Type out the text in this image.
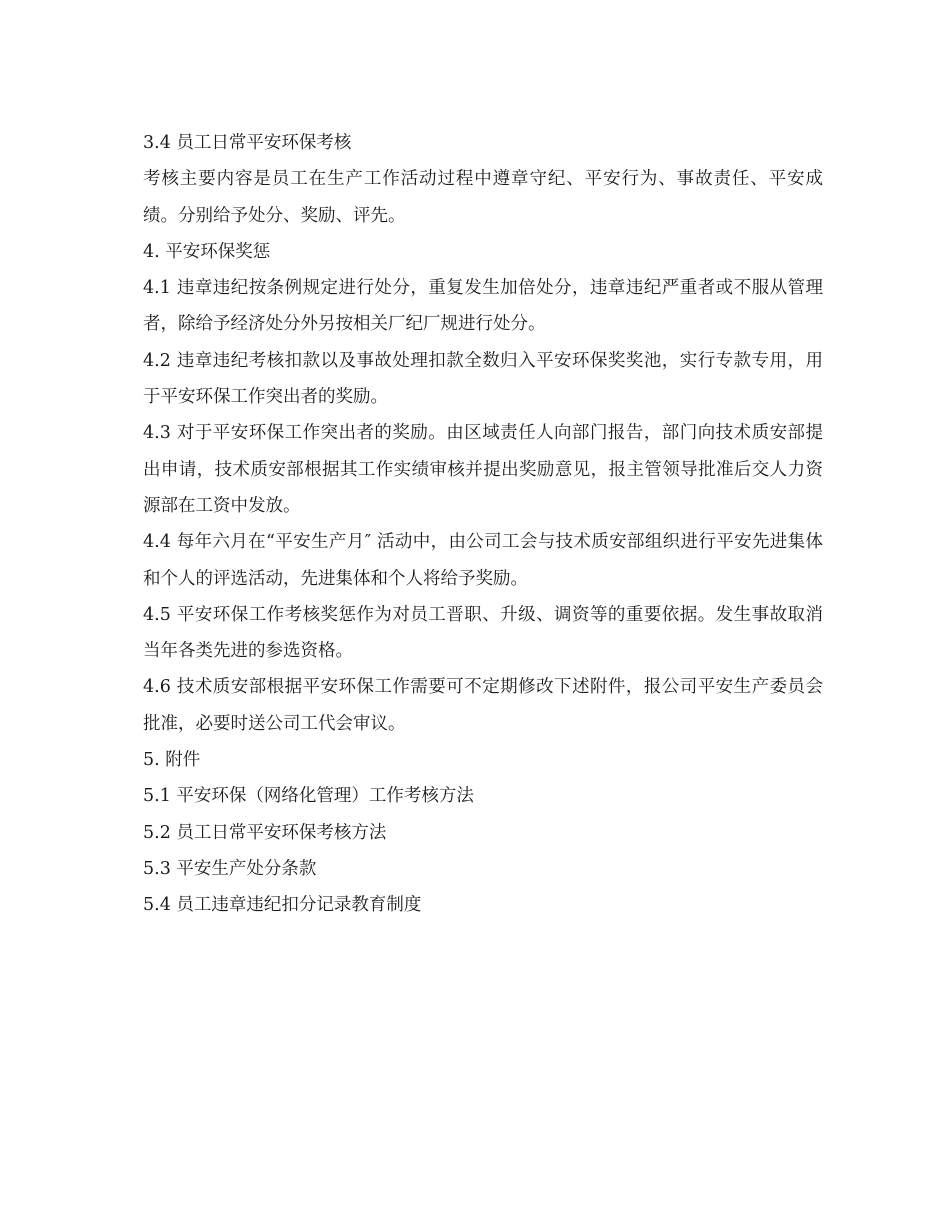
3.4 员工日常平安环保考核

考核主要内容是员工在生产工作活动过程中遵章守纪、平安行为、事故责任、平安成绩。分别给予处分、奖励、评先。

4. 平安环保奖惩

4.1 违章违纪按条例规定进行处分，重复发生加倍处分，违章违纪严重者或不服从管理者，除给予经济处分外另按相关厂纪厂规进行处分。

4.2 违章违纪考核扣款以及事故处理扣款全数归入平安环保奖奖池，实行专款专用，用于平安环保工作突出者的奖励。

4.3 对于平安环保工作突出者的奖励。由区域责任人向部门报告，部门向技术质安部提出申请，技术质安部根据其工作实绩审核并提出奖励意见，报主管领导批准后交人力资源部在工资中发放。

4.4 每年六月在“平安生产月″ 活动中，由公司工会与技术质安部组织进行平安先进集体和个人的评选活动，先进集体和个人将给予奖励。

4.5 平安环保工作考核奖惩作为对员工晋职、升级、调资等的重要依据。发生事故取消当年各类先进的参选资格。

4.6 技术质安部根据平安环保工作需要可不定期修改下述附件，报公司平安生产委员会批准，必要时送公司工代会审议。

5. 附件

5.1 平安环保（网络化管理）工作考核方法

5.2 员工日常平安环保考核方法

5.3 平安生产处分条款

5.4 员工违章违纪扣分记录教育制度
